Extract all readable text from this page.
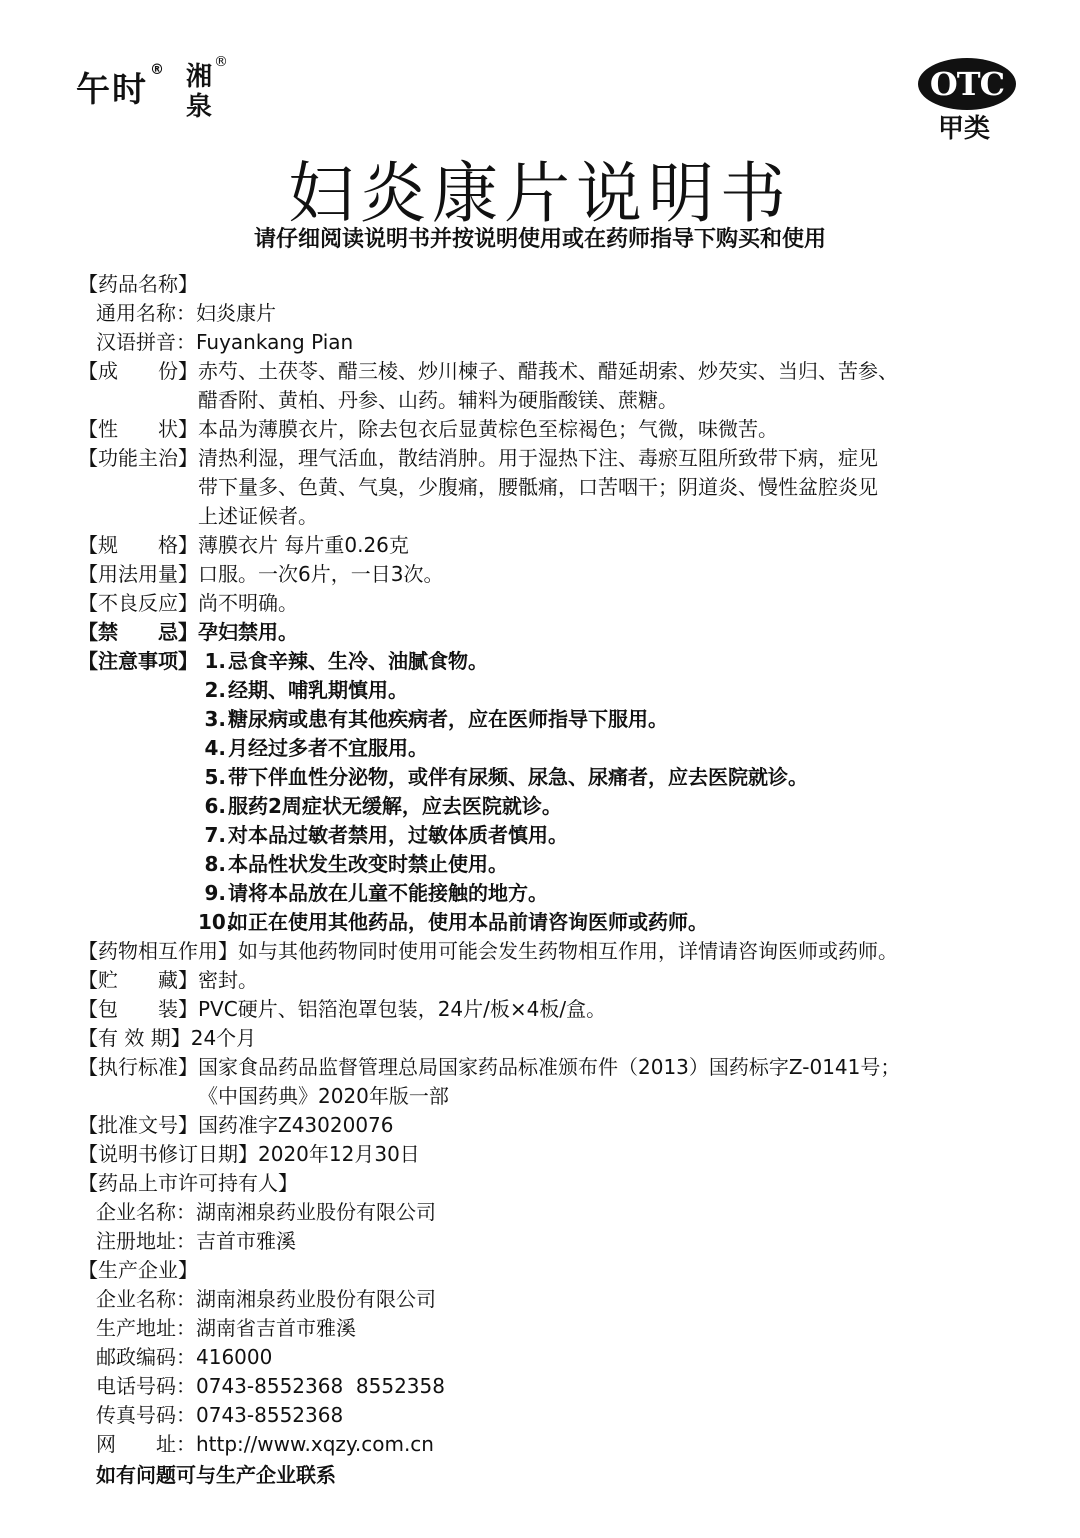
午时 ® 湘
泉
®
OTC
甲类
妇炎康片说明书
请仔细阅读说明书并按说明使用或在药师指导下购买和使用
【药品名称】
通用名称：妇炎康片
汉语拼音：Fuyankang Pian
【成　　份】 赤芍、土茯苓、醋三棱、炒川楝子、醋莪术、醋延胡索、炒芡实、当归、苦参、
醋香附、黄柏、丹参、山药。辅料为硬脂酸镁、蔗糖。
【性　　状】 本品为薄膜衣片，除去包衣后显黄棕色至棕褐色；气微，味微苦。
【功能主治】 清热利湿，理气活血，散结消肿。用于湿热下注、毒瘀互阻所致带下病，症见
带下量多、色黄、气臭，少腹痛，腰骶痛，口苦咽干；阴道炎、慢性盆腔炎见
上述证候者。
【规　　格】 薄膜衣片 每片重0.26克
【用法用量】 口服。一次6片，一日3次。
【不良反应】 尚不明确。
【禁　　忌】 孕妇禁用。
【注意事项】 1. 忌食辛辣、生冷、油腻食物。
2. 经期、哺乳期慎用。
3. 糖尿病或患有其他疾病者，应在医师指导下服用。
4. 月经过多者不宜服用。
5. 带下伴血性分泌物，或伴有尿频、尿急、尿痛者，应去医院就诊。
6. 服药2周症状无缓解，应去医院就诊。
7. 对本品过敏者禁用，过敏体质者慎用。
8. 本品性状发生改变时禁止使用。
9. 请将本品放在儿童不能接触的地方。
10.
如正在使用其他药品，使用本品前请咨询医师或药师。
【药物相互作用】 如与其他药物同时使用可能会发生药物相互作用，详情请咨询医师或药师。
【贮　　藏】 密封。
【包　　装】 PVC硬片、铝箔泡罩包装，24片/板×4板/盒。
【有 效 期】 24个月
【执行标准】 国家食品药品监督管理总局国家药品标准颁布件（2013）国药标字Z-0141号；
《中国药典》2020年版一部
【批准文号】 国药准字Z43020076
【说明书修订日期】 2020年12月30日
【药品上市许可持有人】
企业名称：湖南湘泉药业股份有限公司
注册地址：吉首市雅溪
【生产企业】
企业名称：湖南湘泉药业股份有限公司
生产地址：湖南省吉首市雅溪
邮政编码：416000
电话号码：0743-8552368  8552358
传真号码：0743-8552368
网　　址：http://www.xqzy.com.cn
如有问题可与生产企业联系
